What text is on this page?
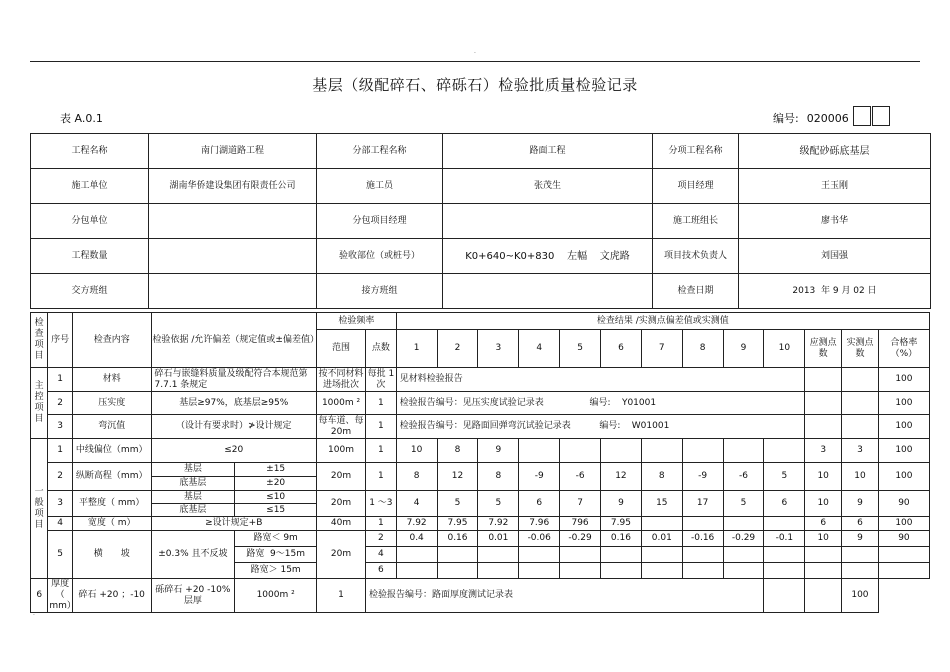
·
基层（级配碎石、碎砾石）检验批质量检验记录
表 A.0.1	编号: 020006
工程名称	南门湖道路工程	分部工程名称	路面工程	分项工程名称	级配砂砾底基层
施工单位	湖南华侨建设集团有限责任公司	施工员	张茂生	项目经理	王玉刚
分包单位		分包项目经理		施工班组长	廖书华
工程数量		验收部位（或桩号）	K0+640~K0+830    左幅    文虎路	项目技术负责人	刘国强
交方班组		接方班组		检查日期	2013  年 9 月 02 日
检查项目	序号	检查内容	检验依据 /允许偏差（规定值或±偏差值）		检验频率		检查结果 /实测点偏差值或实测值												
					范围	点数	1	2	3	4	5	6	7	8	9	10	应测点数	实测点数	合格率（%）
主控项目	1	材料	碎石与嵌缝料质量及级配符合本规范第 7.7.1 条规定		按不同材料进场批次	每批 1 次	见材料检验报告												100
	2	压实度	基层≥97%，底基层≥95%		1000m ²	1	检验报告编号：见压实度试验记录表                编号:    Y01001												100
	3	弯沉值	（设计有要求时）≯设计规定		每车道、每 20m	1	检验报告编号：见路面回弹弯沉试验记录表          编号:    W01001												100
一般项目	1	中线偏位（mm）	≤20		100m	1	10	8	9								3	3	100
	2	纵断高程（mm）	基层	±15	20m	1	8	12	8	-9	-6	12	8	-9	-6	5	10	10	100
			底基层	±20															
	3	平整度（ mm）	基层	≤10	20m	1 ～3	4	5	5	6	7	9	15	17	5	6	10	9	90
			底基层	≤15															
	4	宽度（ m）	≥设计规定+B		40m	1	7.92	7.95	7.92	7.96	796	7.95					6	6	100
	5	横　　坡	±0.3% 且不反坡	路宽＜ 9m	20m	2	0.4	0.16	0.01	-0.06	-0.29	0.16	0.01	-0.16	-0.29	-0.1	10	9	90
				路宽  9～15m		4													
				路宽＞ 15m		6													
6	厚度（ mm）	碎石 +20 ；-10	砾碎石 +20 -10% 层厚	1000m ²	1	检验报告编号：路面厚度测试记录表												100	
·
